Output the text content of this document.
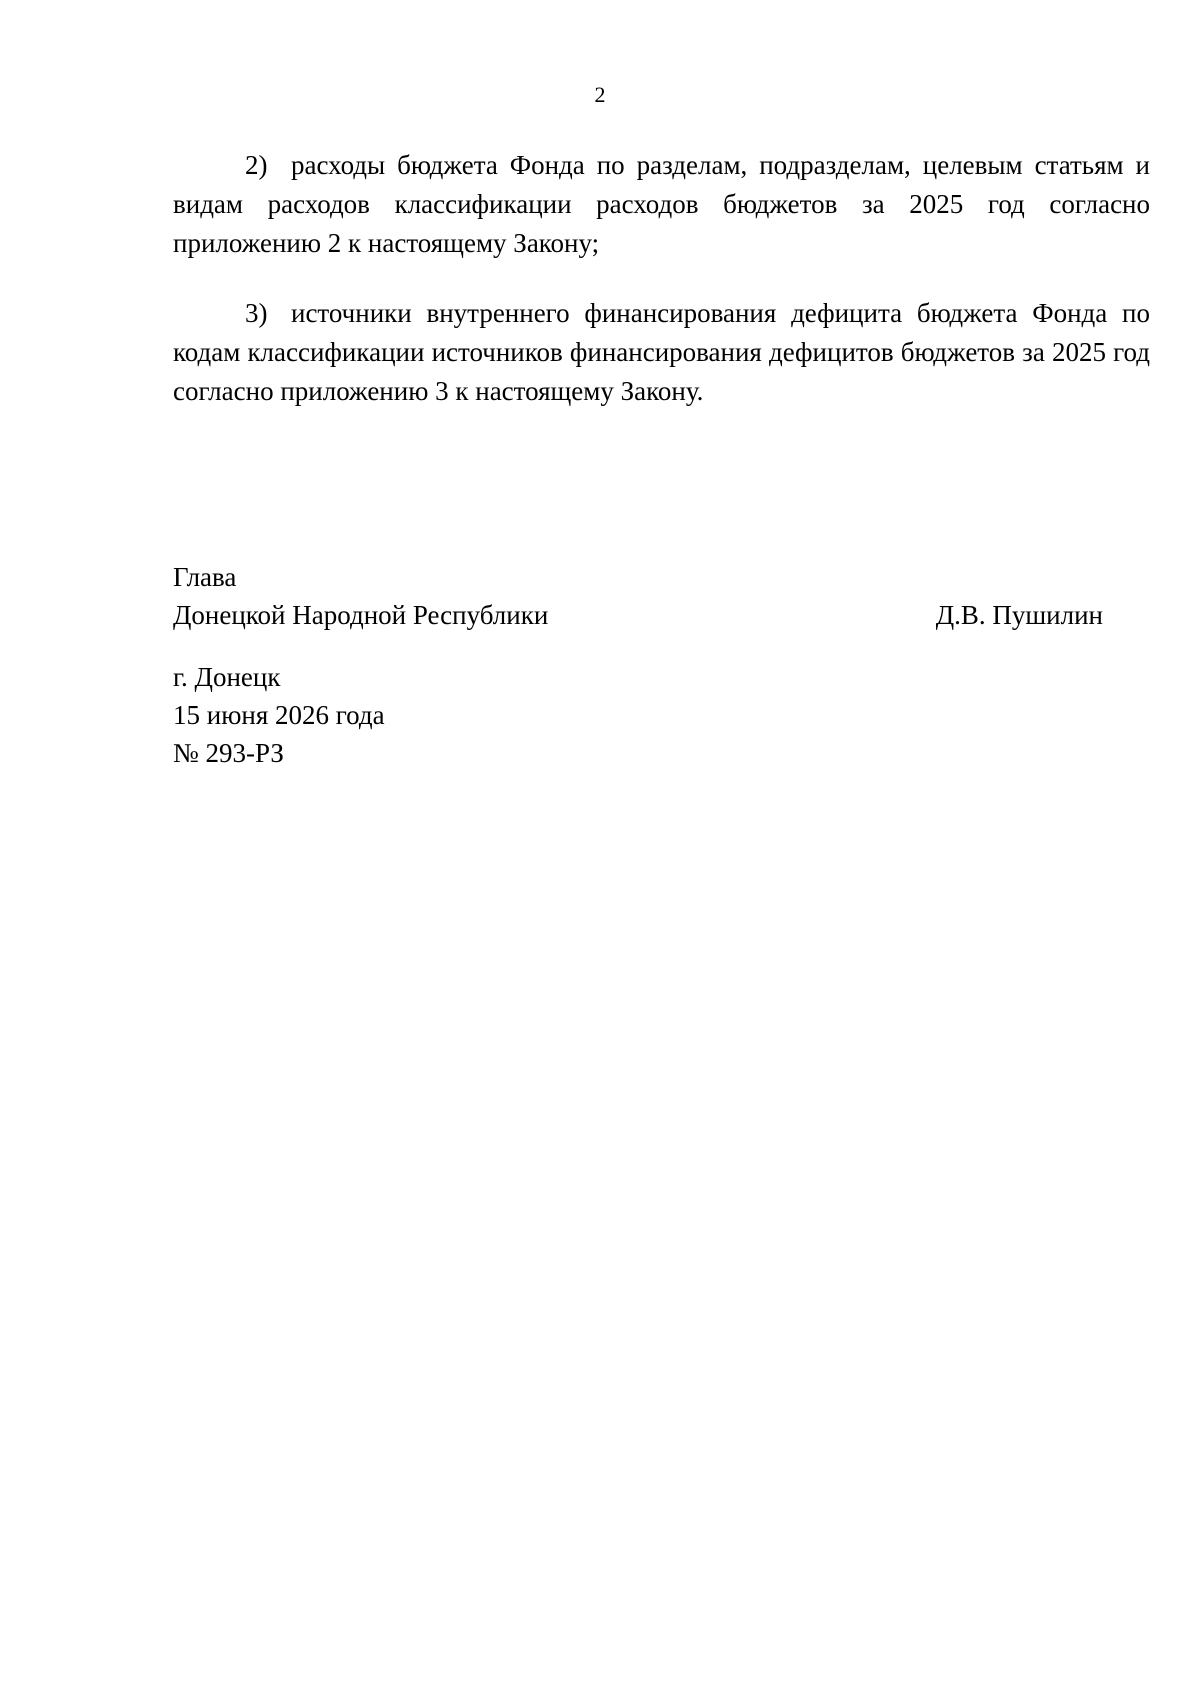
2

2) расходы бюджета Фонда по разделам, подразделам, целевым статьям и видам расходов классификации расходов бюджетов за 2025 год согласно приложению 2 к настоящему Закону;

3) источники внутреннего финансирования дефицита бюджета Фонда по кодам классификации источников финансирования дефицитов бюджетов за 2025 год согласно приложению 3 к настоящему Закону.

Глава
Донецкой Народной Республики	Д.В. Пушилин
г. Донецк
15 июня 2026 года
№ 293-РЗ
